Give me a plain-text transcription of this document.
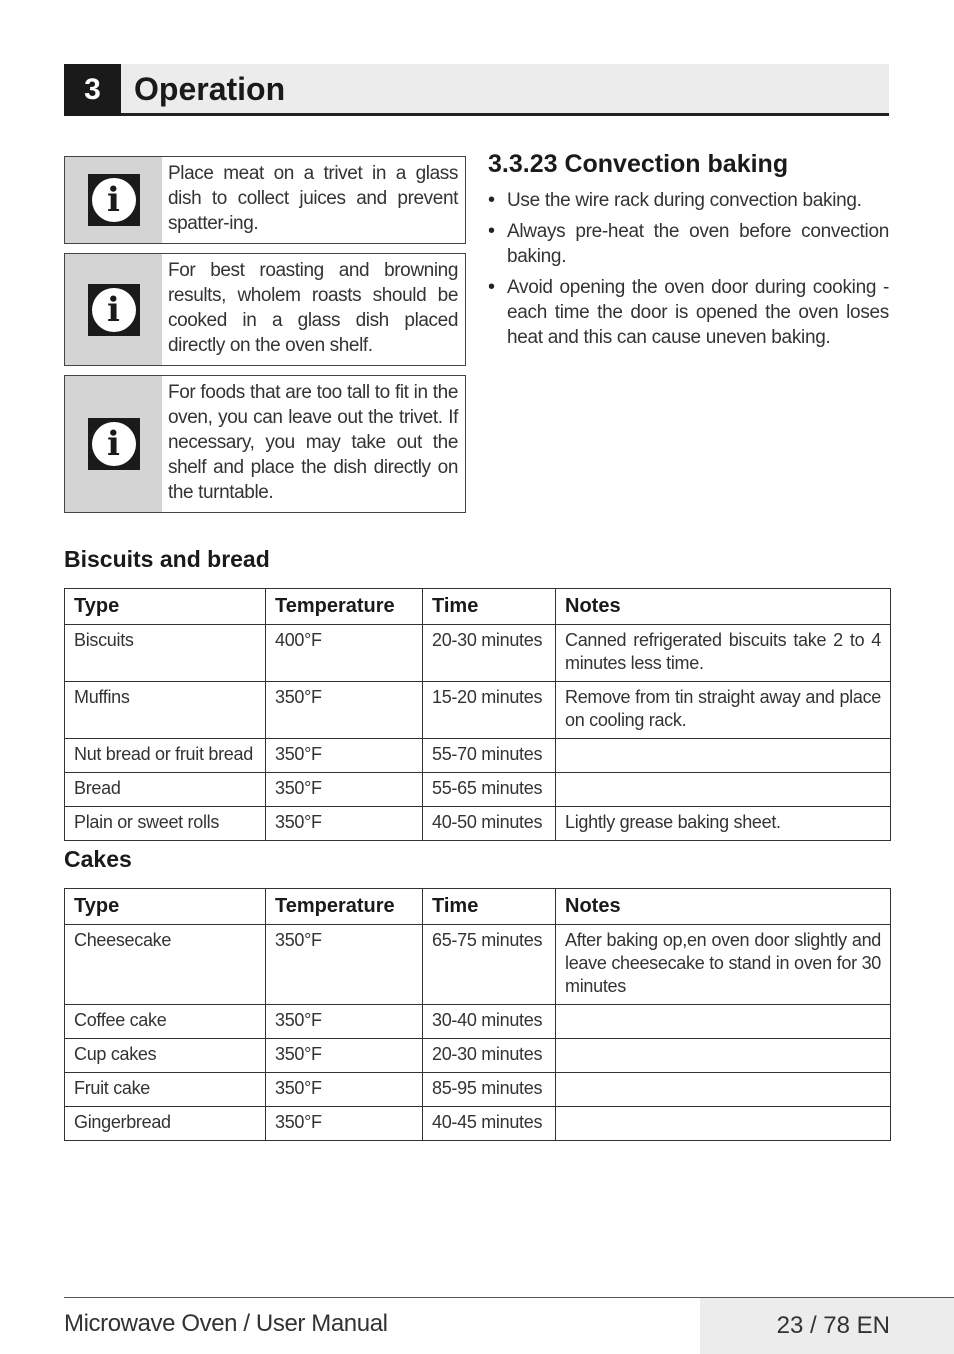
3	Operation
i
Place meat on a trivet in a glass dish to collect juices and prevent spatter-ing.
i
For best roasting and browning results, wholem roasts should be cooked in a glass dish placed directly on the oven shelf.
i
For foods that are too tall to fit in the oven, you can leave out the trivet. If necessary, you may take out the shelf and place the dish directly on the turntable.
3.3.23 Convection baking
• Use the wire rack during convection baking.
• Always pre-heat the oven before convection baking.
• Avoid opening the oven door during cooking - each time the door is opened the oven loses heat and this can cause uneven baking.
Biscuits and bread
Type	Temperature	Time	Notes
Biscuits	400°F	20-30 minutes	Canned refrigerated biscuits take 2 to 4 minutes less time.
Muffins	350°F	15-20 minutes	Remove from tin straight away and place on cooling rack.
Nut bread or fruit bread	350°F	55-70 minutes	
Bread	350°F	55-65 minutes	
Plain or sweet rolls	350°F	40-50 minutes	Lightly grease baking sheet.
Cakes
Type	Temperature	Time	Notes
Cheesecake	350°F	65-75 minutes	After baking op,en oven door slightly and leave cheesecake to stand in oven for 30 minutes
Coffee cake	350°F	30-40 minutes	
Cup cakes	350°F	20-30 minutes	
Fruit cake	350°F	85-95 minutes	
Gingerbread	350°F	40-45 minutes	
Microwave Oven / User Manual	23 / 78 EN
